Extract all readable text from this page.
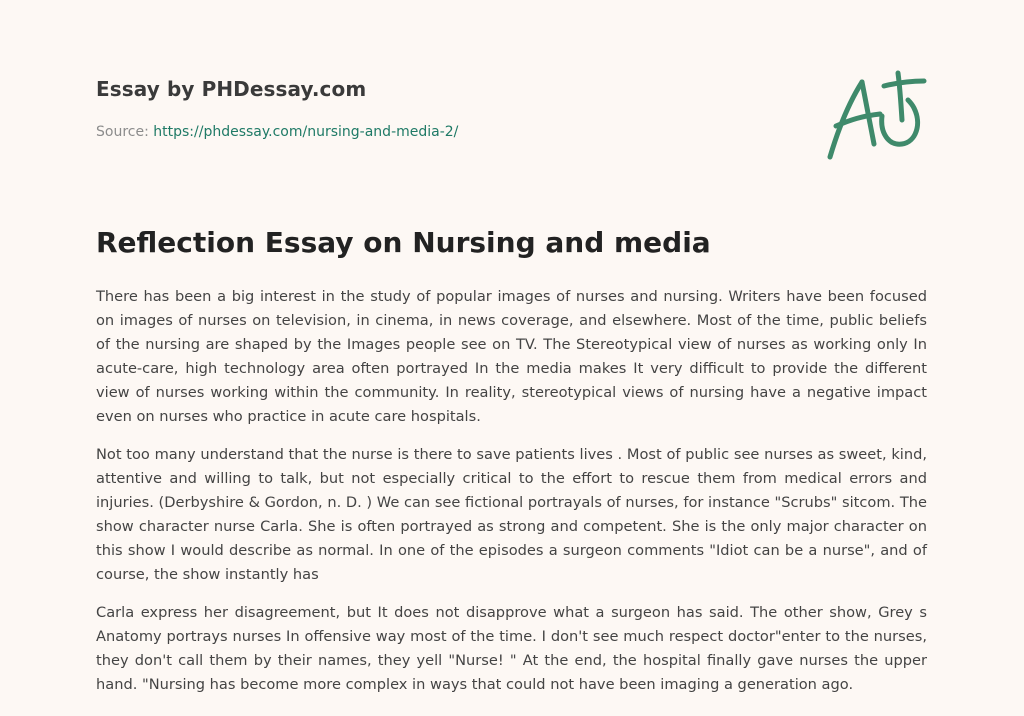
Essay by PHDessay.com
Source: https://phdessay.com/nursing-and-media-2/
Reflection Essay on Nursing and media

There has been a big interest in the study of popular images of nurses and nursing. Writers have been focused on images of nurses on television, in cinema, in news coverage, and elsewhere. Most of the time, public beliefs of the nursing are shaped by the Images people see on TV. The Stereotypical view of nurses as working only In acute-care, high technology area often portrayed In the media makes It very difficult to provide the different view of nurses working within the community. In reality, stereotypical views of nursing have a negative impact even on nurses who practice in acute care hospitals.

Not too many understand that the nurse is there to save patients lives . Most of public see nurses as sweet, kind, attentive and willing to talk, but not especially critical to the effort to rescue them from medical errors and injuries. (Derbyshire & Gordon, n. D. ) We can see fictional portrayals of nurses, for instance "Scrubs" sitcom. The show character nurse Carla. She is often portrayed as strong and competent. She is the only major character on this show I would describe as normal. In one of the episodes a surgeon comments "Idiot can be a nurse", and of course, the show instantly has

Carla express her disagreement, but It does not disapprove what a surgeon has said. The other show, Grey s Anatomy portrays nurses In offensive way most of the time. I don't see much respect doctor"enter to the nurses, they don't call them by their names, they yell "Nurse! " At the end, the hospital finally gave nurses the upper hand. "Nursing has become more complex in ways that could not have been imaging a generation ago.
